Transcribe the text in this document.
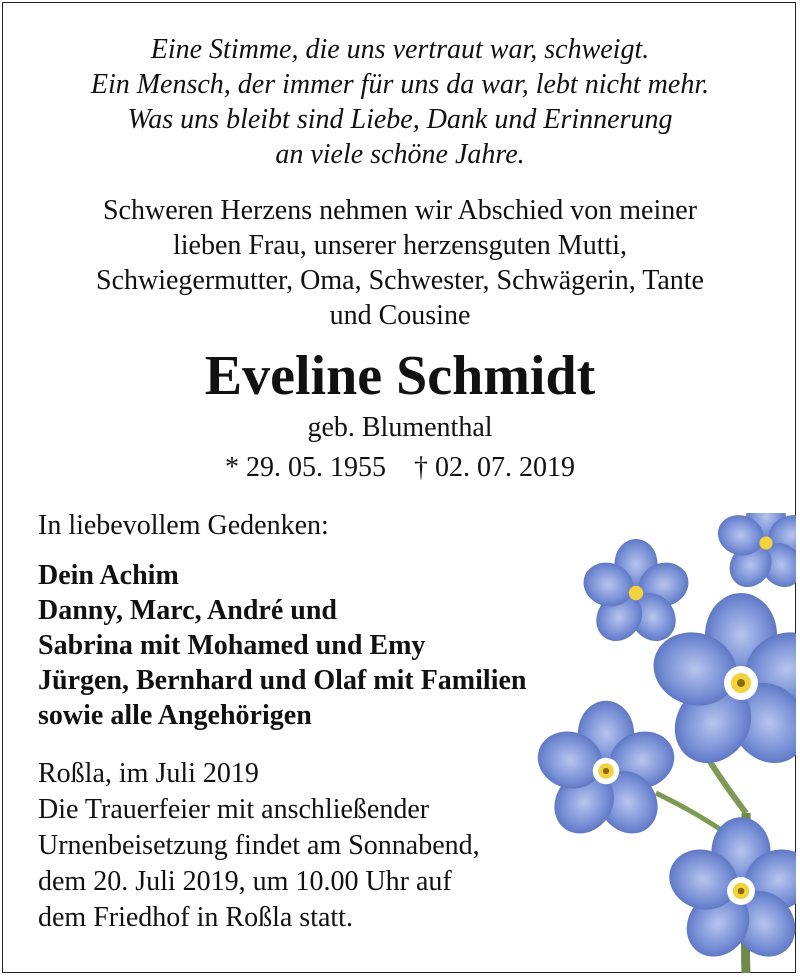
Eine Stimme, die uns vertraut war, schweigt.
Ein Mensch, der immer für uns da war, lebt nicht mehr.
Was uns bleibt sind Liebe, Dank und Erinnerung
an viele schöne Jahre.
Schweren Herzens nehmen wir Abschied von meiner
lieben Frau, unserer herzensguten Mutti,
Schwiegermutter, Oma, Schwester, Schwägerin, Tante
und Cousine
Eveline Schmidt
geb. Blumenthal
* 29. 05. 1955    † 02. 07. 2019
In liebevollem Gedenken:
Dein Achim
Danny, Marc, André und
Sabrina mit Mohamed und Emy
Jürgen, Bernhard und Olaf mit Familien
sowie alle Angehörigen
Roßla, im Juli 2019
Die Trauerfeier mit anschließender
Urnenbeisetzung findet am Sonnabend,
dem 20. Juli 2019, um 10.00 Uhr auf
dem Friedhof in Roßla statt.
